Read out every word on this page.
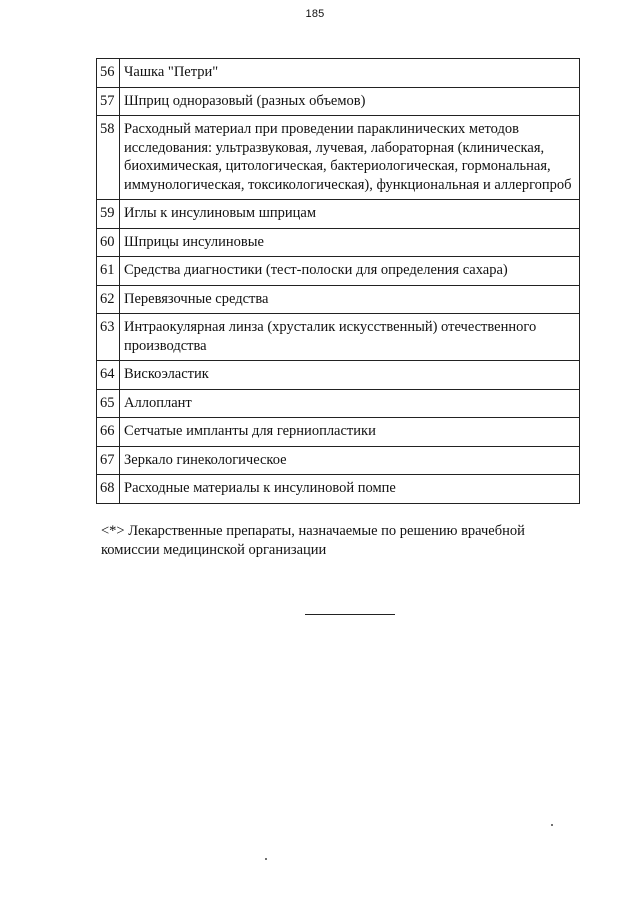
185
56	Чашка "Петри"
57	Шприц одноразовый (разных объемов)
58	Расходный материал при проведении параклинических методов исследования: ультразвуковая, лучевая, лабораторная (клиническая, биохимическая, цитологическая, бактериологическая, гормональная, иммунологическая, токсикологическая), функциональная и аллергопроб
59	Иглы к инсулиновым шприцам
60	Шприцы инсулиновые
61	Средства диагностики (тест-полоски для определения сахара)
62	Перевязочные средства
63	Интраокулярная линза (хрусталик искусственный) отечественного производства
64	Вискоэластик
65	Аллоплант
66	Сетчатые импланты для герниопластики
67	Зеркало гинекологическое
68	Расходные материалы к инсулиновой помпе
<*> Лекарственные препараты, назначаемые по решению врачебной комиссии медицинской организации
